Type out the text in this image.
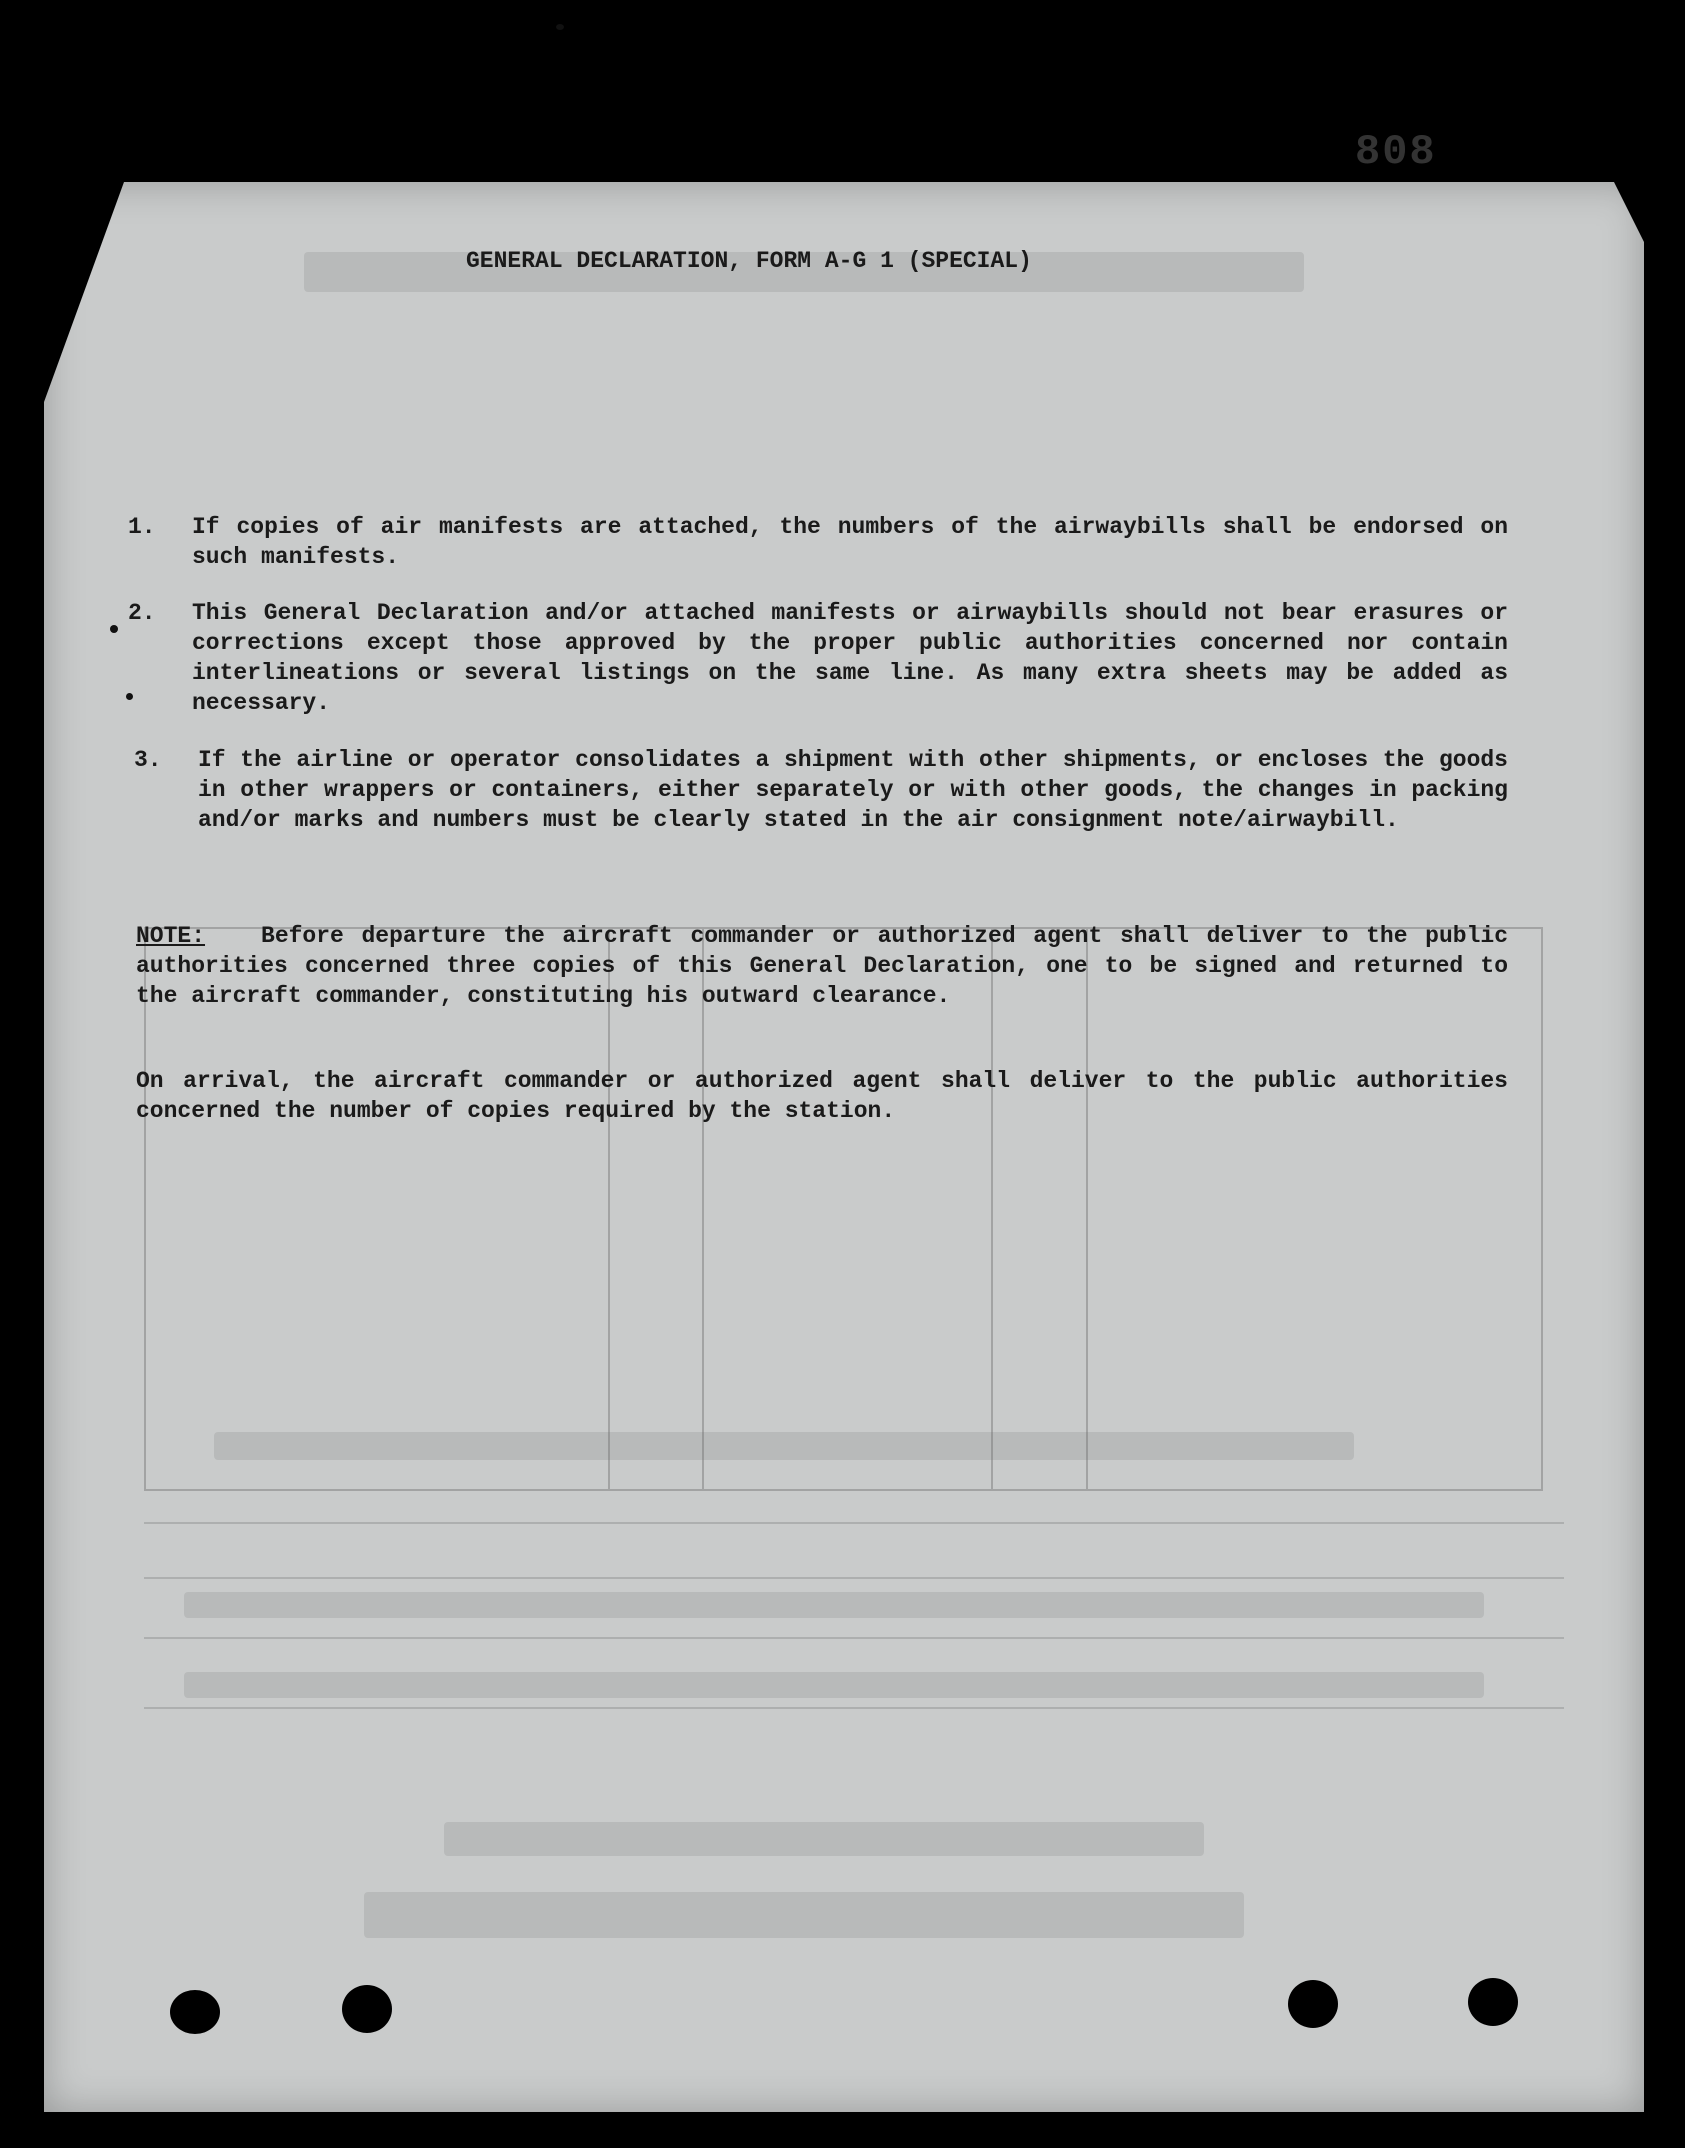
808
GENERAL DECLARATION, FORM A-G 1 (SPECIAL)
1.	If copies of air manifests are attached, the numbers of the airwaybills shall be endorsed on such manifests.
2.	This General Declaration and/or attached manifests or airwaybills should not bear erasures or corrections except those approved by the proper public authorities concerned nor contain interlineations or several listings on the same line. As many extra sheets may be added as necessary.
3.	If the airline or operator consolidates a shipment with other shipments, or encloses the goods in other wrappers or containers, either separately or with other goods, the changes in packing and/or marks and numbers must be clearly stated in the air consignment note/airwaybill.
NOTE: Before departure the aircraft commander or authorized agent shall deliver to the public authorities concerned three copies of this General Declaration, one to be signed and returned to the aircraft commander, constituting his outward clearance.
On arrival, the aircraft commander or authorized agent shall deliver to the public authorities concerned the number of copies required by the station.
